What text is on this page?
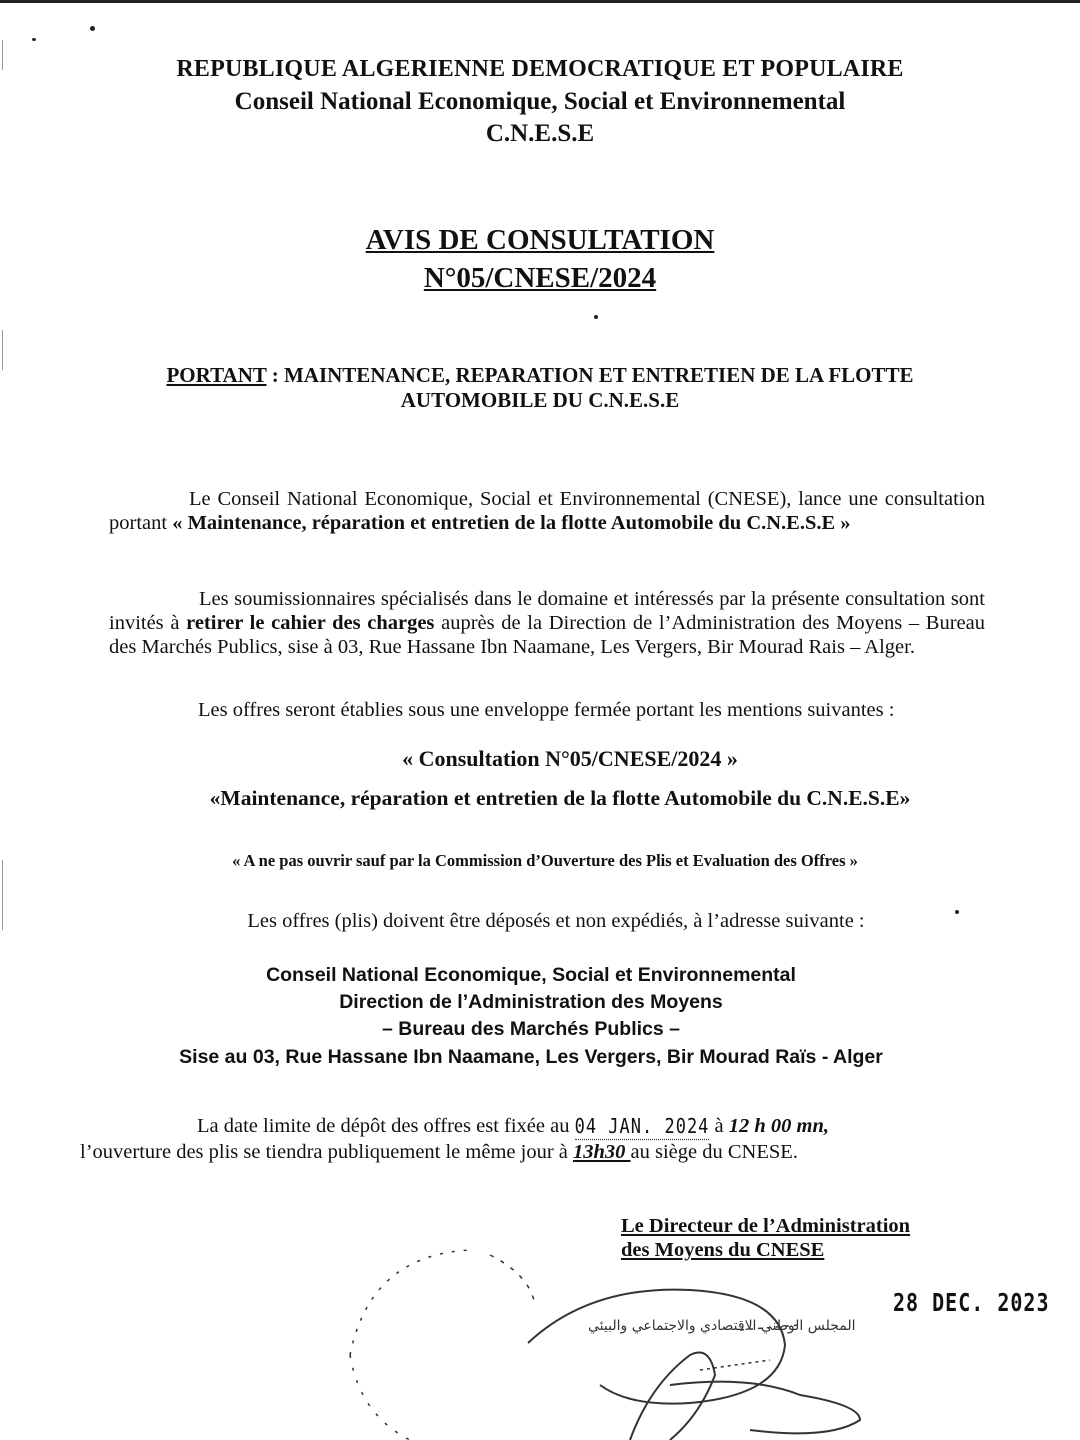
REPUBLIQUE ALGERIENNE DEMOCRATIQUE ET POPULAIRE
Conseil National Economique, Social et Environnemental
C.N.E.S.E
AVIS DE CONSULTATION
N°05/CNESE/2024
PORTANT : MAINTENANCE, REPARATION ET ENTRETIEN DE LA FLOTTE AUTOMOBILE DU C.N.E.S.E
Le Conseil National Economique, Social et Environnemental (CNESE), lance une consultation portant « Maintenance, réparation et entretien de la flotte Automobile du C.N.E.S.E »
Les soumissionnaires spécialisés dans le domaine et intéressés par la présente consultation sont invités à retirer le cahier des charges auprès de la Direction de l’Administration des Moyens – Bureau des Marchés Publics, sise à 03, Rue Hassane Ibn Naamane, Les Vergers, Bir Mourad Rais – Alger.
Les offres seront établies sous une enveloppe fermée portant les mentions suivantes :
« Consultation N°05/CNESE/2024 »
«Maintenance, réparation et entretien de la flotte Automobile du C.N.E.S.E»
« A ne pas ouvrir sauf par la Commission d’Ouverture des Plis et Evaluation des Offres »
Les offres (plis) doivent être déposés et non expédiés, à l’adresse suivante :
Conseil National Economique, Social et Environnemental
Direction de l’Administration des Moyens
– Bureau des Marchés Publics –
Sise au 03, Rue Hassane Ibn Naamane, Les Vergers, Bir Mourad Raïs - Alger
La date limite de dépôt des offres est fixée au 04 JAN. 2024 à 12 h 00 mn,
l’ouverture des plis se tiendra publiquement le même jour à 13h30 au siège du CNESE.
Le Directeur de l’Administration
des Moyens du CNESE
28 DEC. 2023
المجلس الوطني الاقتصادي والاجتماعي والبيئي
